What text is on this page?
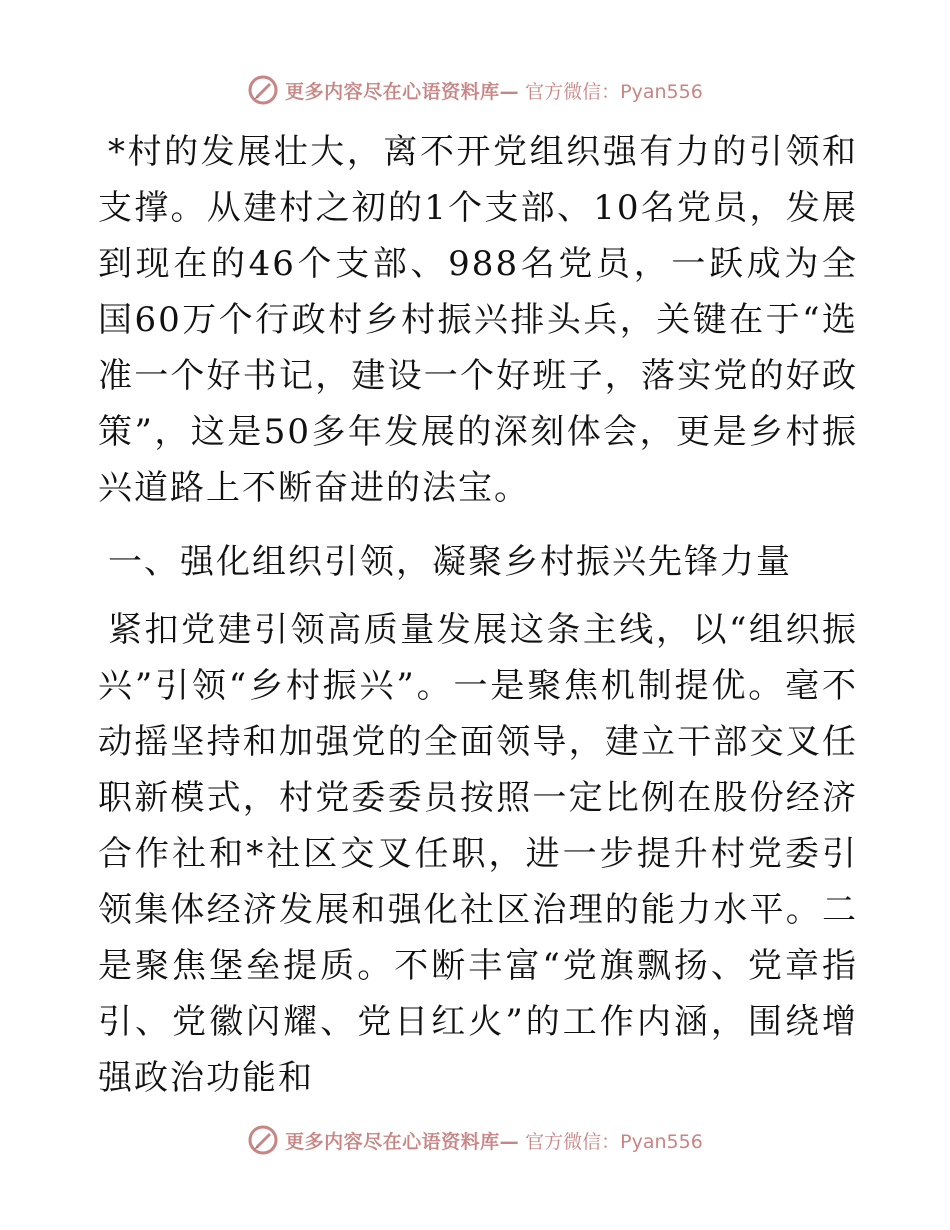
更多内容尽在心语资料库— 官方微信：Pyan556

*村的发展壮大，离不开党组织强有力的引领和支撑。从建村之初的1个支部、10名党员，发展到现在的46个支部、988名党员，一跃成为全国60万个行政村乡村振兴排头兵，关键在于“选准一个好书记，建设一个好班子，落实党的好政策”，这是50多年发展的深刻体会，更是乡村振兴道路上不断奋进的法宝。

一、强化组织引领，凝聚乡村振兴先锋力量

紧扣党建引领高质量发展这条主线，以“组织振兴”引领“乡村振兴”。一是聚焦机制提优。毫不动摇坚持和加强党的全面领导，建立干部交叉任职新模式，村党委委员按照一定比例在股份经济合作社和*社区交叉任职，进一步提升村党委引领集体经济发展和强化社区治理的能力水平。二是聚焦堡垒提质。不断丰富“党旗飘扬、党章指引、党徽闪耀、党日红火”的工作内涵，围绕增强政治功能和

更多内容尽在心语资料库— 官方微信：Pyan556
